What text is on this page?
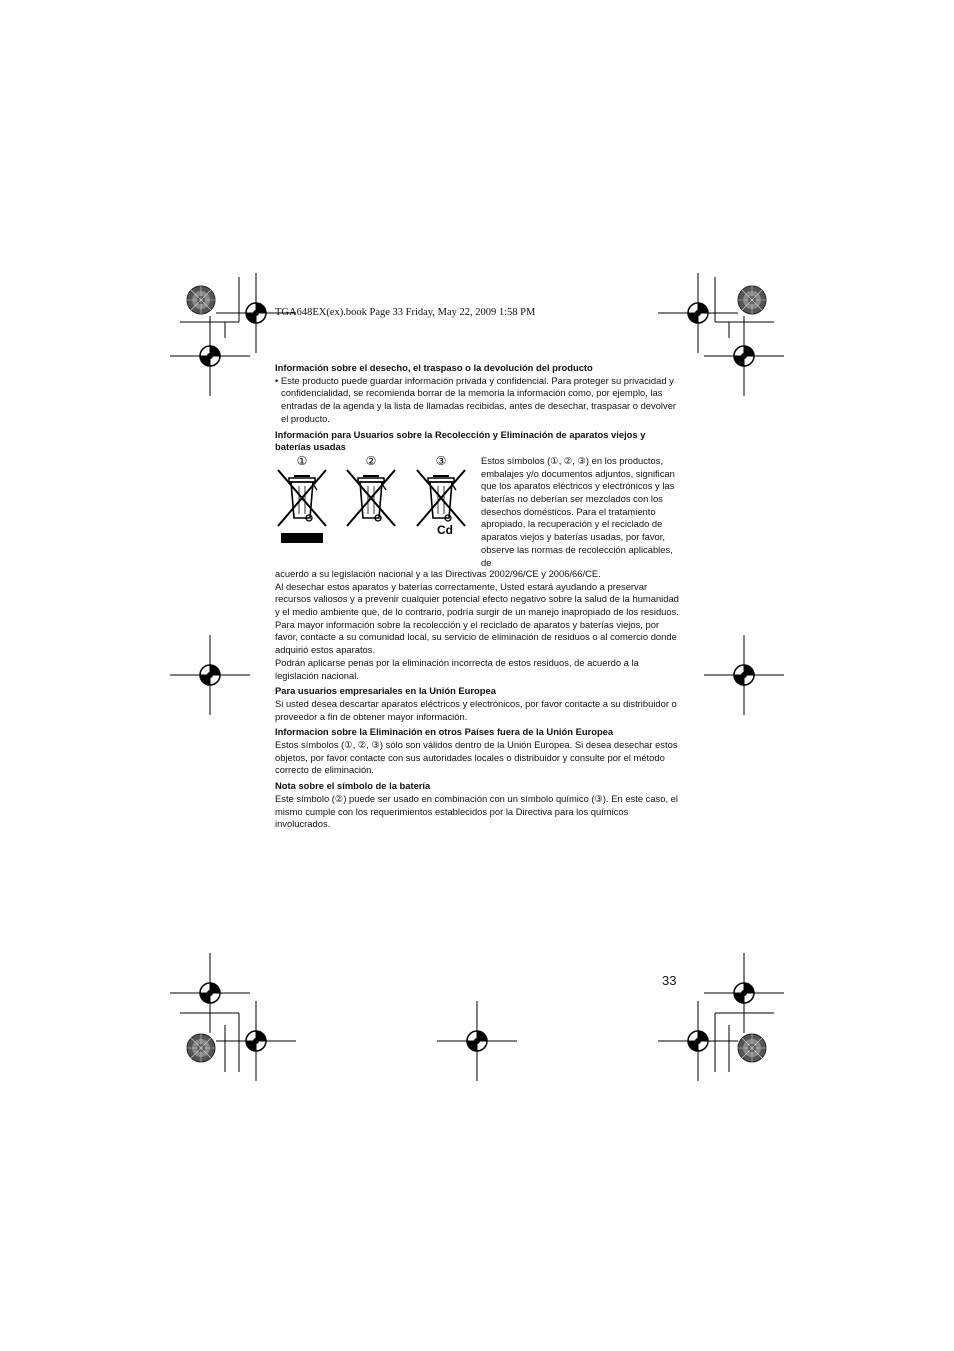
TGA648EX(ex).book Page 33 Friday, May 22, 2009 1:58 PM

Información sobre el desecho, el traspaso o la devolución del producto

• Este producto puede guardar información privada y confidencial. Para proteger su privacidad y confidencialidad, se recomienda borrar de la memoria la información como, por ejemplo, las entradas de la agenda y la lista de llamadas recibidas, antes de desechar, traspasar o devolver el producto.

Información para Usuarios sobre la Recolección y Eliminación de aparatos viejos y baterías usadas

①	②	③
Cd

Estos símbolos (①, ②, ③) en los productos, embalajes y/o documentos adjuntos, significan que los aparatos eléctricos y electrónicos y las baterías no deberían ser mezclados con los desechos domésticos. Para el tratamiento apropiado, la recuperación y el reciclado de aparatos viejos y baterías usadas, por favor, observe las normas de recolección aplicables, de

acuerdo a su legislación nacional y a las Directivas 2002/96/CE y 2006/66/CE.

Al desechar estos aparatos y baterías correctamente, Usted estará ayudando a preservar recursos valiosos y a prevenir cualquier potencial efecto negativo sobre la salud de la humanidad y el medio ambiente que, de lo contrario, podría surgir de un manejo inapropiado de los residuos.

Para mayor información sobre la recolección y el reciclado de aparatos y baterías viejos, por favor, contacte a su comunidad local, su servicio de eliminación de residuos o al comercio donde adquirió estos aparatos.

Podrán aplicarse penas por la eliminación incorrecta de estos residuos, de acuerdo a la legislación nacional.

Para usuarios empresariales en la Unión Europea

Si usted desea descartar aparatos eléctricos y electrónicos, por favor contacte a su distribuidor o proveedor a fin de obtener mayor información.

Informacion sobre la Eliminación en otros Países fuera de la Unión Europea

Estos símbolos (①, ②, ③) sólo son válidos dentro de la Unión Europea. Si desea desechar estos objetos, por favor contacte con sus autoridades locales o distribuidor y consulte por el método correcto de eliminación.

Nota sobre el símbolo de la batería

Este símbolo (②) puede ser usado en combinación con un símbolo químico (③). En este caso, el mismo cumple con los requerimientos establecidos por la Directiva para los químicos involucrados.

33
